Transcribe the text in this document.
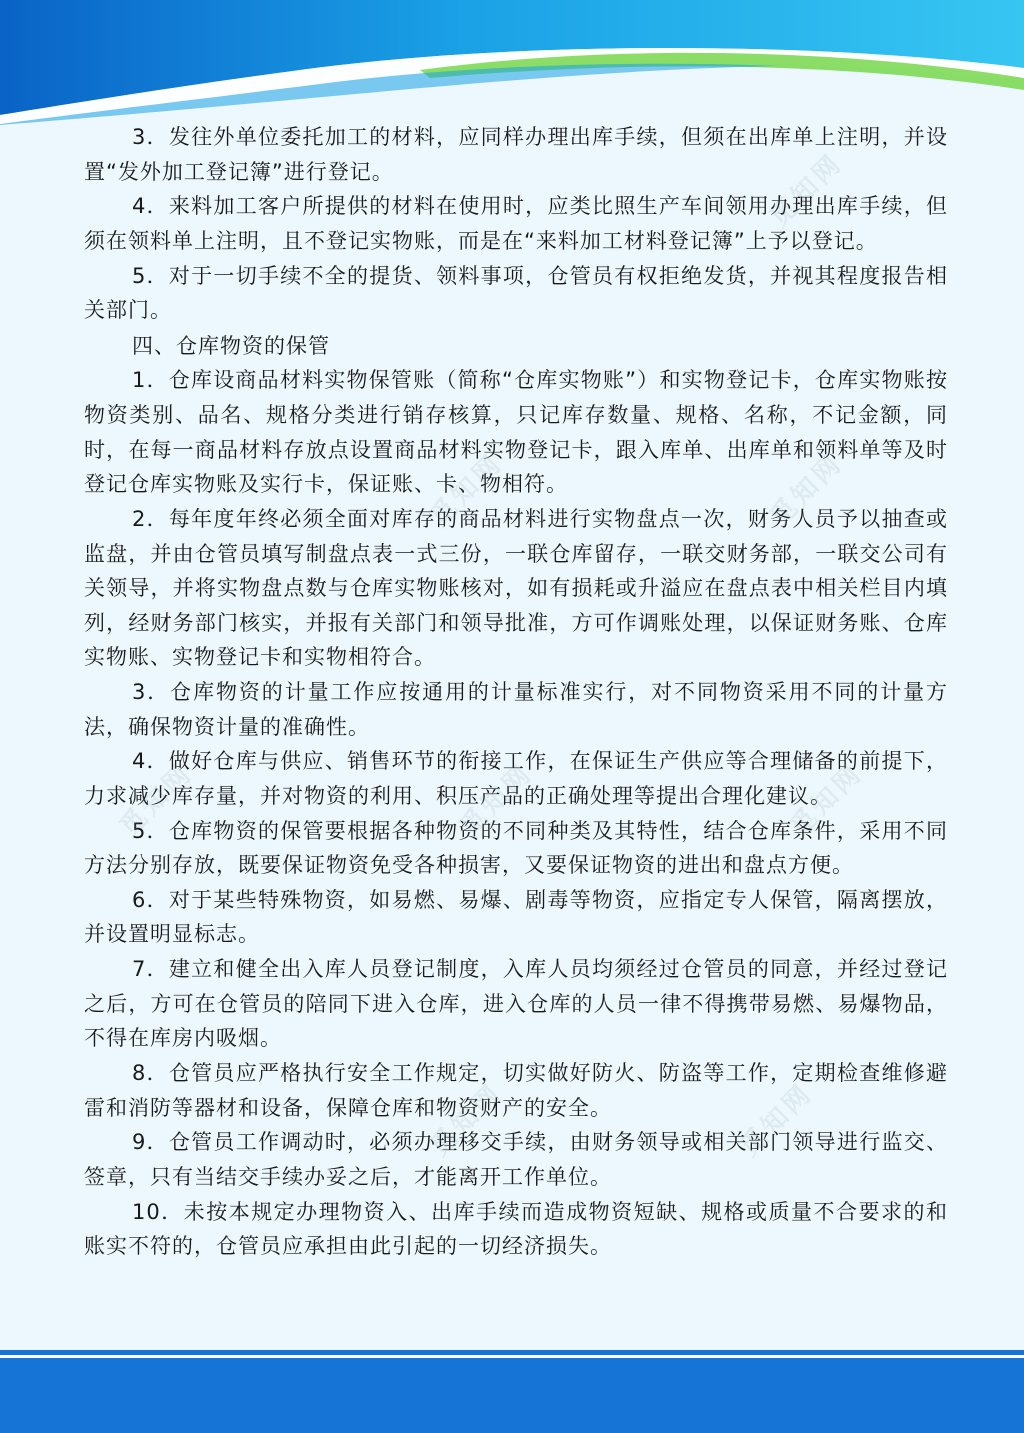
3．发往外单位委托加工的材料，应同样办理出库手续，但须在出库单上注明，并设置“发外加工登记簿”进行登记。

4．来料加工客户所提供的材料在使用时，应类比照生产车间领用办理出库手续，但须在领料单上注明，且不登记实物账，而是在“来料加工材料登记簿”上予以登记。

5．对于一切手续不全的提货、领料事项，仓管员有权拒绝发货，并视其程度报告相关部门。

四、仓库物资的保管

1．仓库设商品材料实物保管账（简称“仓库实物账”）和实物登记卡，仓库实物账按物资类别、品名、规格分类进行销存核算，只记库存数量、规格、名称，不记金额，同时，在每一商品材料存放点设置商品材料实物登记卡，跟入库单、出库单和领料单等及时登记仓库实物账及实行卡，保证账、卡、物相符。

2．每年度年终必须全面对库存的商品材料进行实物盘点一次，财务人员予以抽查或监盘，并由仓管员填写制盘点表一式三份，一联仓库留存，一联交财务部，一联交公司有关领导，并将实物盘点数与仓库实物账核对，如有损耗或升溢应在盘点表中相关栏目内填列，经财务部门核实，并报有关部门和领导批准，方可作调账处理，以保证财务账、仓库实物账、实物登记卡和实物相符合。

3．仓库物资的计量工作应按通用的计量标准实行，对不同物资采用不同的计量方法，确保物资计量的准确性。

4．做好仓库与供应、销售环节的衔接工作，在保证生产供应等合理储备的前提下，力求减少库存量，并对物资的利用、积压产品的正确处理等提出合理化建议。

5．仓库物资的保管要根据各种物资的不同种类及其特性，结合仓库条件，采用不同方法分别存放，既要保证物资免受各种损害，又要保证物资的进出和盘点方便。

6．对于某些特殊物资，如易燃、易爆、剧毒等物资，应指定专人保管，隔离摆放，并设置明显标志。

7．建立和健全出入库人员登记制度，入库人员均须经过仓管员的同意，并经过登记之后，方可在仓管员的陪同下进入仓库，进入仓库的人员一律不得携带易燃、易爆物品，不得在库房内吸烟。

8．仓管员应严格执行安全工作规定，切实做好防火、防盗等工作，定期检查维修避雷和消防等器材和设备，保障仓库和物资财产的安全。

9．仓管员工作调动时，必须办理移交手续，由财务领导或相关部门领导进行监交、签章，只有当结交手续办妥之后，才能离开工作单位。

10．未按本规定办理物资入、出库手续而造成物资短缺、规格或质量不合要求的和账实不符的，仓管员应承担由此引起的一切经济损失。

觅知网
觅知网	觅知网
觅知网	觅知网	觅知网
觅知网	觅知网
